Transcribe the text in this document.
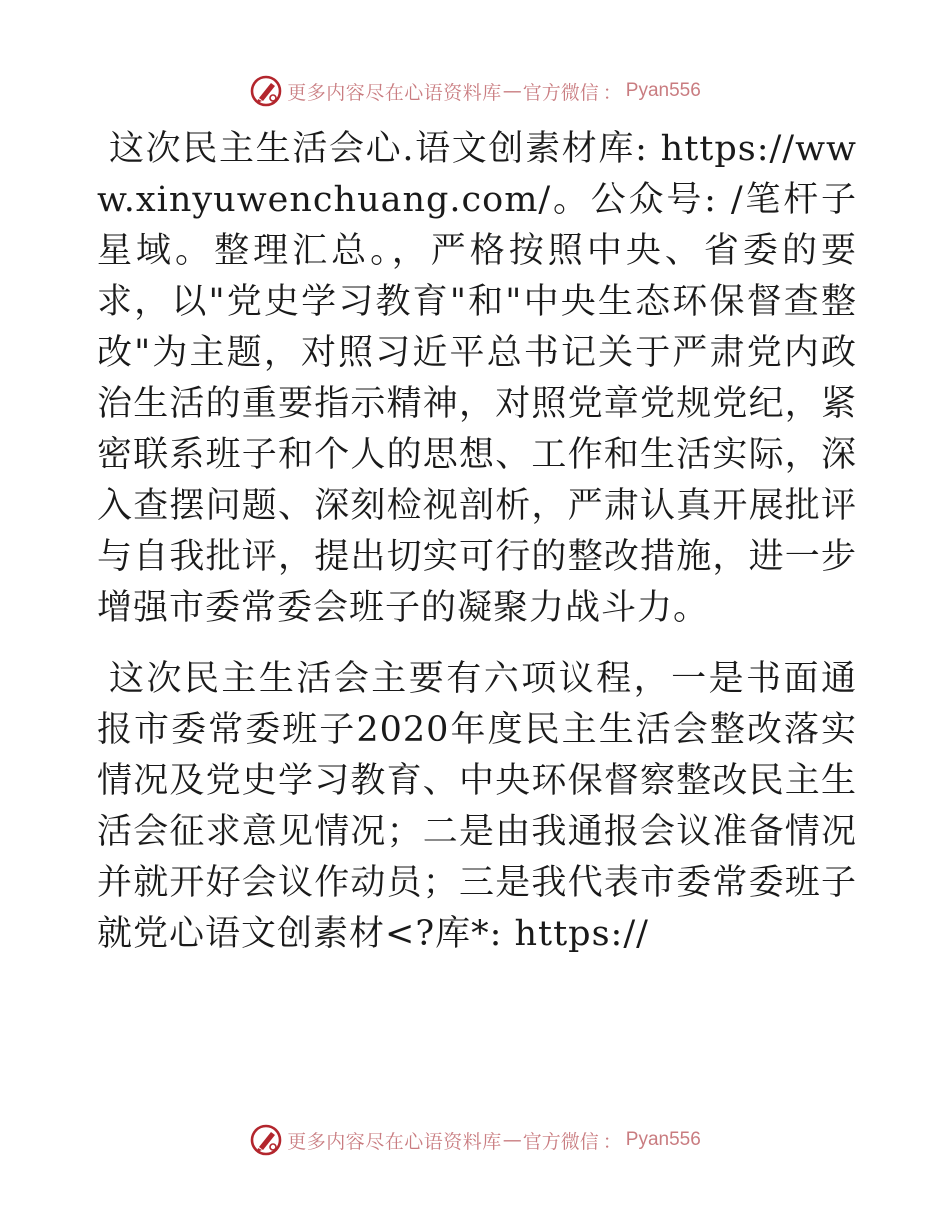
更多内容尽在心语资料库 — 官方微信 ： Pyan556

这次民主生活会心.语文创素材库: https://www.xinyuwenchuang.com/。公众号: /笔杆子星域。整理汇总。，严格按照中央、省委的要求，以"党史学习教育"和"中央生态环保督查整改"为主题，对照习近平总书记关于严肃党内政治生活的重要指示精神，对照党章党规党纪，紧密联系班子和个人的思想、工作和生活实际，深入查摆问题、深刻检视剖析，严肃认真开展批评与自我批评，提出切实可行的整改措施，进一步增强市委常委会班子的凝聚力战斗力。

这次民主生活会主要有六项议程，一是书面通报市委常委班子2020年度民主生活会整改落实情况及党史学习教育、中央环保督察整改民主生活会征求意见情况；二是由我通报会议准备情况并就开好会议作动员；三是我代表市委常委班子就党心语文创素材<?库*: https://

更多内容尽在心语资料库 — 官方微信 ： Pyan556
